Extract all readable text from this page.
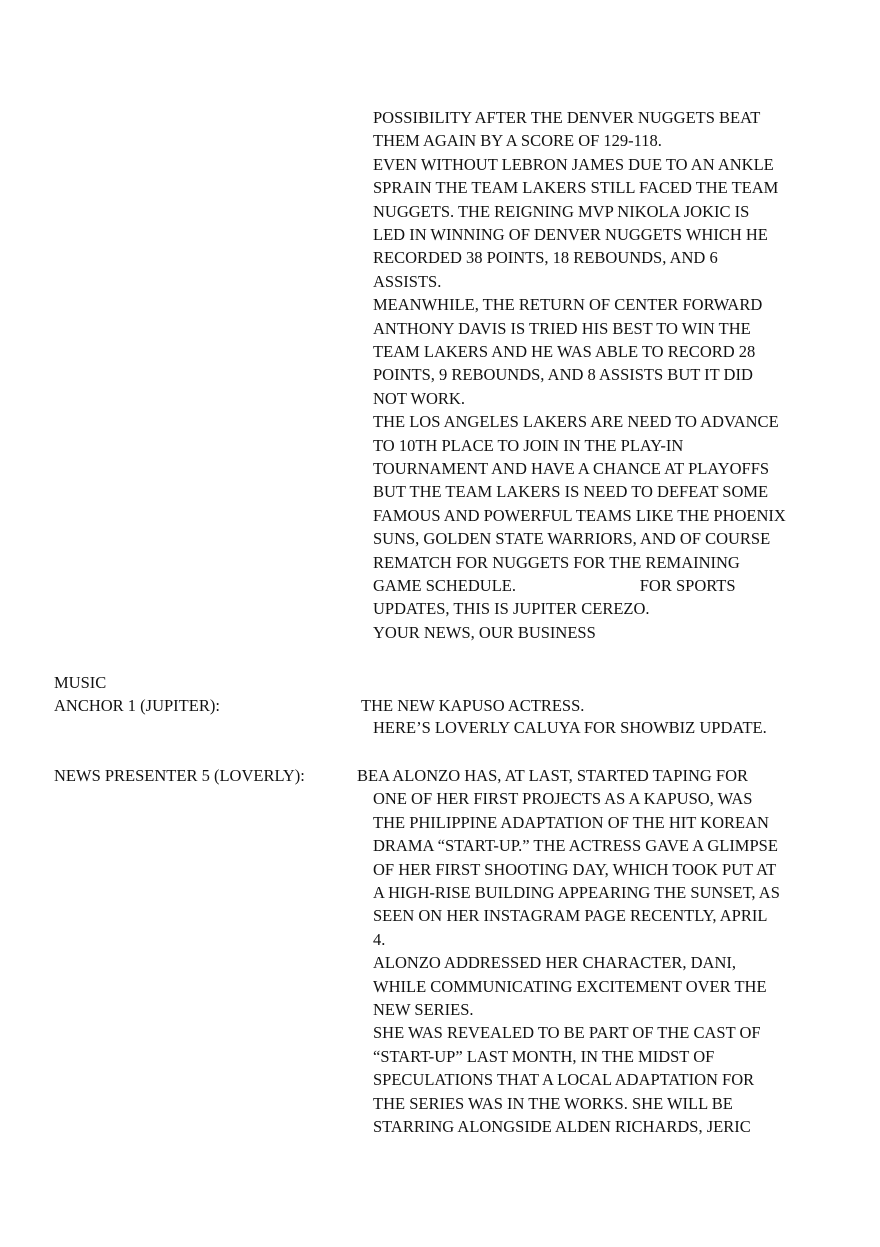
POSSIBILITY AFTER THE DENVER NUGGETS BEAT
THEM AGAIN BY A SCORE OF 129-118.
EVEN WITHOUT LEBRON JAMES DUE TO AN ANKLE
SPRAIN THE TEAM LAKERS STILL FACED THE TEAM
NUGGETS. THE REIGNING MVP NIKOLA JOKIC IS
LED IN WINNING OF DENVER NUGGETS WHICH HE
RECORDED 38 POINTS, 18 REBOUNDS, AND 6
ASSISTS.
MEANWHILE, THE RETURN OF CENTER FORWARD
ANTHONY DAVIS IS TRIED HIS BEST TO WIN THE
TEAM LAKERS AND HE WAS ABLE TO RECORD 28
POINTS, 9 REBOUNDS, AND 8 ASSISTS BUT IT DID
NOT WORK.
THE LOS ANGELES LAKERS ARE NEED TO ADVANCE
TO 10TH PLACE TO JOIN IN THE PLAY-IN
TOURNAMENT AND HAVE A CHANCE AT PLAYOFFS
BUT THE TEAM LAKERS IS NEED TO DEFEAT SOME
FAMOUS AND POWERFUL TEAMS LIKE THE PHOENIX
SUNS, GOLDEN STATE WARRIORS, AND OF COURSE
REMATCH FOR NUGGETS FOR THE REMAINING
GAME SCHEDULE.                              FOR SPORTS
UPDATES, THIS IS JUPITER CEREZO.
YOUR NEWS, OUR BUSINESS
MUSIC
ANCHOR 1 (JUPITER):	THE NEW KAPUSO ACTRESS.
HERE’S LOVERLY CALUYA FOR SHOWBIZ UPDATE.
NEWS PRESENTER 5 (LOVERLY):	BEA ALONZO HAS, AT LAST, STARTED TAPING FOR
ONE OF HER FIRST PROJECTS AS A KAPUSO, WAS
THE PHILIPPINE ADAPTATION OF THE HIT KOREAN
DRAMA “START-UP.” THE ACTRESS GAVE A GLIMPSE
OF HER FIRST SHOOTING DAY, WHICH TOOK PUT AT
A HIGH-RISE BUILDING APPEARING THE SUNSET, AS
SEEN ON HER INSTAGRAM PAGE RECENTLY, APRIL
4.
ALONZO ADDRESSED HER CHARACTER, DANI,
WHILE COMMUNICATING EXCITEMENT OVER THE
NEW SERIES.
SHE WAS REVEALED TO BE PART OF THE CAST OF
“START-UP” LAST MONTH, IN THE MIDST OF
SPECULATIONS THAT A LOCAL ADAPTATION FOR
THE SERIES WAS IN THE WORKS. SHE WILL BE
STARRING ALONGSIDE ALDEN RICHARDS, JERIC
